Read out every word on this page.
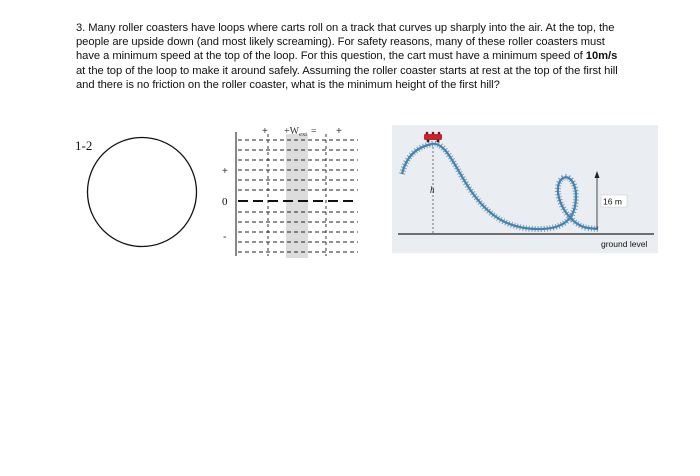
3. Many roller coasters have loops where carts roll on a track that curves up sharply into the air. At the top, the people are upside down (and most likely screaming). For safety reasons, many of these roller coasters must have a minimum speed at the top of the loop. For this question, the cart must have a minimum speed of 10m/s at the top of the loop to make it around safely. Assuming the roller coaster starts at rest at the top of the first hill and there is no friction on the roller coaster, what is the minimum height of the first hill?

1-2
+ $+W_{ext}$ = +
+
0
-
h
16 m
ground level
